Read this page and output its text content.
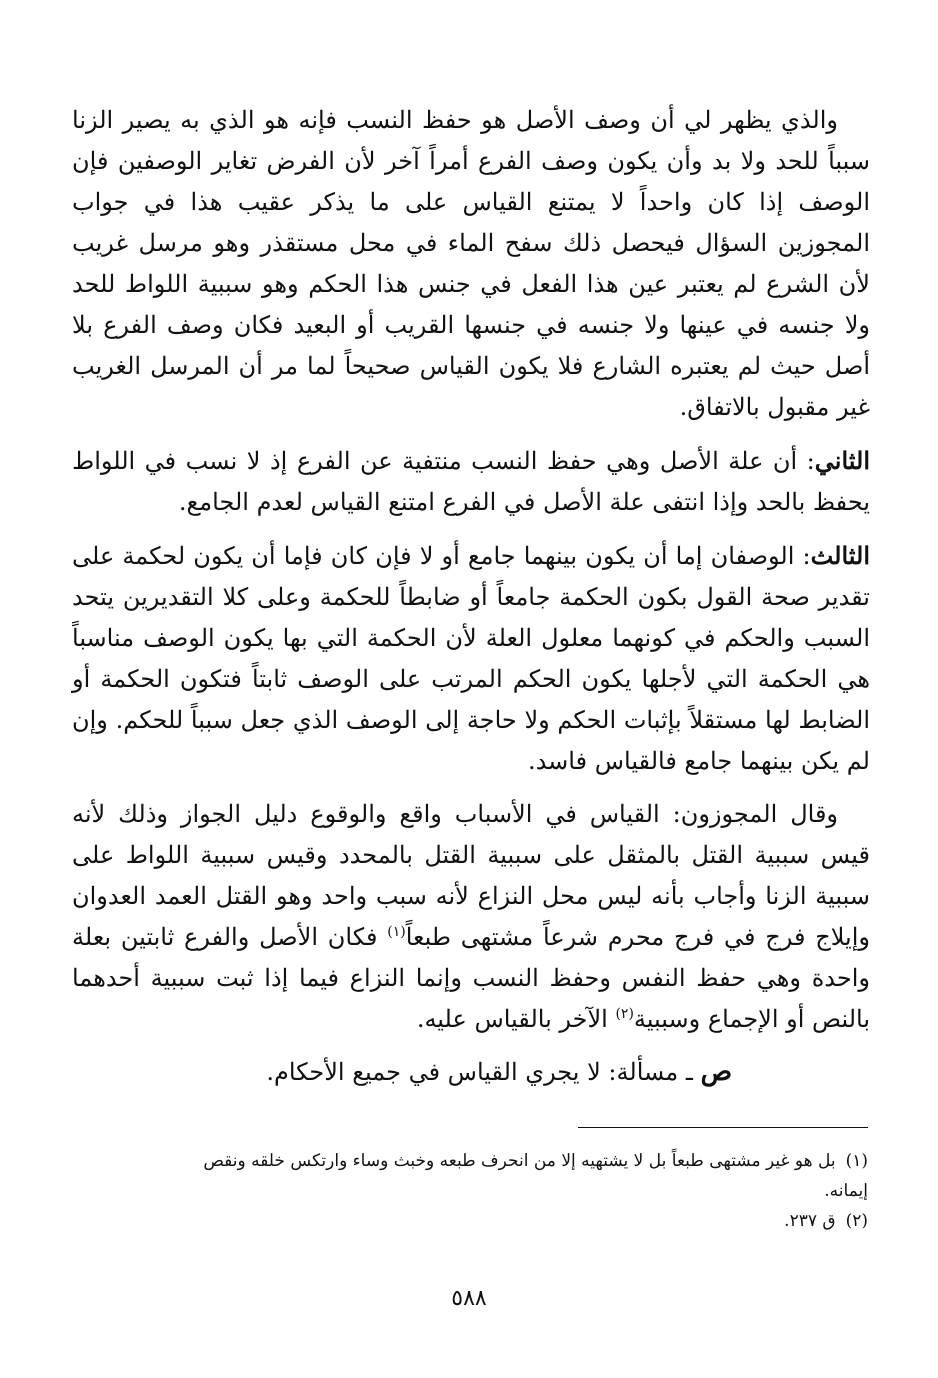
والذي يظهر لي أن وصف الأصل هو حفظ النسب فإنه هو الذي به يصير الزنا سبباً للحد ولا بد وأن يكون وصف الفرع أمراً آخر لأن الفرض تغاير الوصفين فإن الوصف إذا كان واحداً لا يمتنع القياس على ما يذكر عقيب هذا في جواب المجوزين السؤال فيحصل ذلك سفح الماء في محل مستقذر وهو مرسل غريب لأن الشرع لم يعتبر عين هذا الفعل في جنس هذا الحكم وهو سببية اللواط للحد ولا جنسه في عينها ولا جنسه في جنسها القريب أو البعيد فكان وصف الفرع بلا أصل حيث لم يعتبره الشارع فلا يكون القياس صحيحاً لما مر أن المرسل الغريب غير مقبول بالاتفاق.

الثاني: أن علة الأصل وهي حفظ النسب منتفية عن الفرع إذ لا نسب في اللواط يحفظ بالحد وإذا انتفى علة الأصل في الفرع امتنع القياس لعدم الجامع.

الثالث: الوصفان إما أن يكون بينهما جامع أو لا فإن كان فإما أن يكون لحكمة على تقدير صحة القول بكون الحكمة جامعاً أو ضابطاً للحكمة وعلى كلا التقديرين يتحد السبب والحكم في كونهما معلول العلة لأن الحكمة التي بها يكون الوصف مناسباً هي الحكمة التي لأجلها يكون الحكم المرتب على الوصف ثابتاً فتكون الحكمة أو الضابط لها مستقلاً بإثبات الحكم ولا حاجة إلى الوصف الذي جعل سبباً للحكم. وإن لم يكن بينهما جامع فالقياس فاسد.

وقال المجوزون: القياس في الأسباب واقع والوقوع دليل الجواز وذلك لأنه قيس سببية القتل بالمثقل على سببية القتل بالمحدد وقيس سببية اللواط على سببية الزنا وأجاب بأنه ليس محل النزاع لأنه سبب واحد وهو القتل العمد العدوان وإيلاج فرج في فرج محرم شرعاً مشتهى طبعاً$^{(١)}$ فكان الأصل والفرع ثابتين بعلة واحدة وهي حفظ النفس وحفظ النسب وإنما النزاع فيما إذا ثبت سببية أحدهما بالنص أو الإجماع وسببية$^{(٢)}$ الآخر بالقياس عليه.

ص ـ مسألة: لا يجري القياس في جميع الأحكام.

(١)بل هو غير مشتهى طبعاً بل لا يشتهيه إلا من انحرف طبعه وخبث وساء وارتكس خلقه ونقص

إيمانه.

(٢)ق ٢٣٧.

٥٨٨
